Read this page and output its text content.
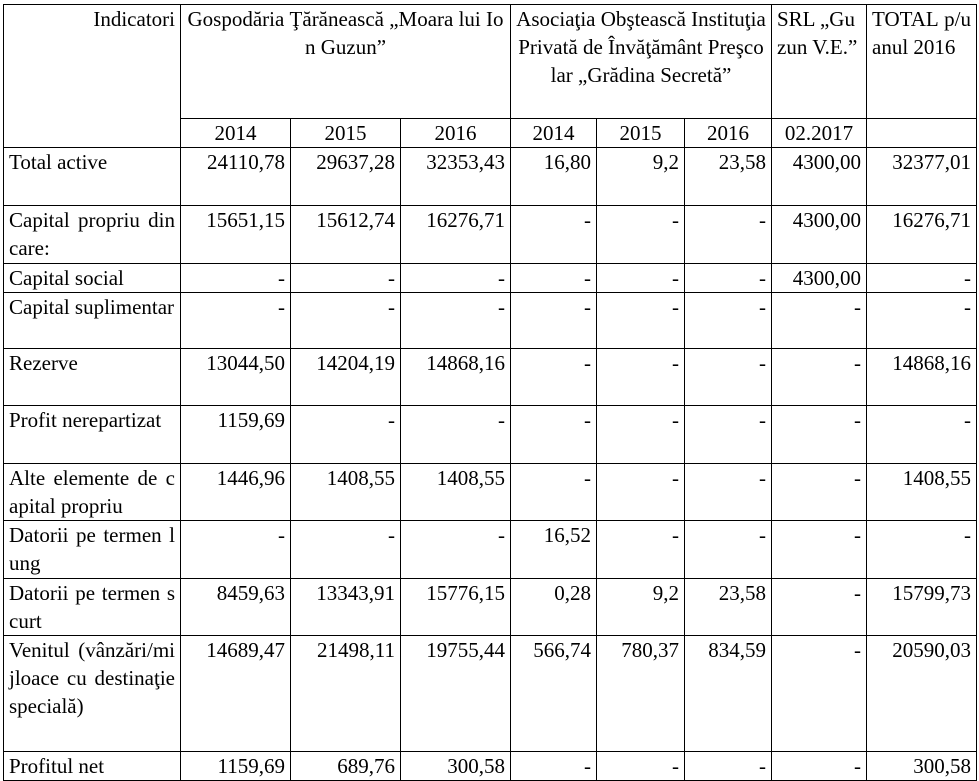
Indicatori	Gospodăria Ţărănească „Moara lui Ion Guzun”			Asociaţia Obştească Instituţia Privată de Învăţământ Preşcolar „Grădina Secretă”			SRL „Guzun V.E.”	TOTAL p/u anul 2016
	2014	2015	2016	2014	2015	2016	02.2017	
Total active	24110,78	29637,28	32353,43	16,80	9,2	23,58	4300,00	32377,01
Capital propriu din care:	15651,15	15612,74	16276,71	-	-	-	4300,00	16276,71
Capital social	-	-	-	-	-	-	4300,00	-
Capital suplimentar	-	-	-	-	-	-	-	-
Rezerve	13044,50	14204,19	14868,16	-	-	-	-	14868,16
Profit nerepartizat	1159,69	-	-	-	-	-	-	-
Alte elemente de capital propriu	1446,96	1408,55	1408,55	-	-	-	-	1408,55
Datorii pe termen lung	-	-	-	16,52	-	-	-	-
Datorii pe termen scurt	8459,63	13343,91	15776,15	0,28	9,2	23,58	-	15799,73
Venitul (vânzări/mijloace cu destinaţie specială)	14689,47	21498,11	19755,44	566,74	780,37	834,59	-	20590,03
Profitul net	1159,69	689,76	300,58	-	-	-	-	300,58
